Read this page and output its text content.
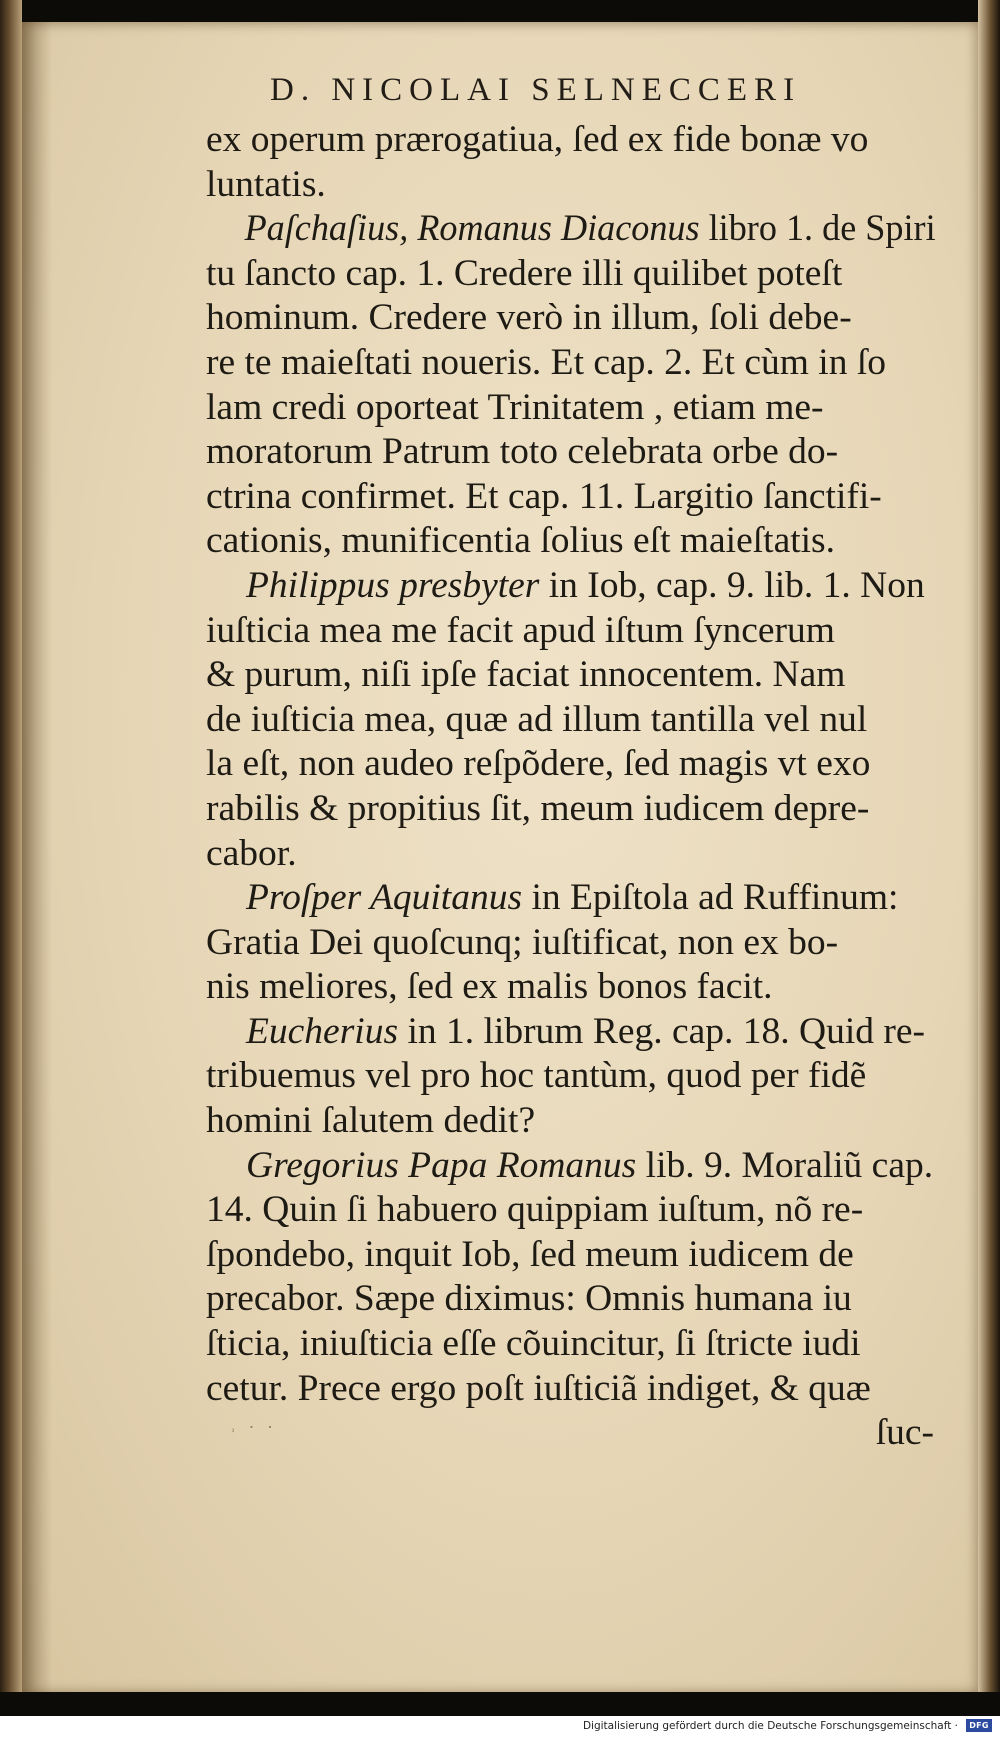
D. NICOLAI SELNECCERI
ex operum prærogatiua, ſed ex fide bonæ vo
luntatis.
Paſchaſius, Romanus Diaconus libro 1. de Spiri
tu ſancto cap. 1. Credere illi quilibet poteſt
hominum. Credere verò in illum, ſoli debe-
re te maieſtati noueris. Et cap. 2. Et cùm in ſo
lam credi oporteat Trinitatem , etiam me-
moratorum Patrum toto celebrata orbe do-
ctrina confirmet. Et cap. 11. Largitio ſanctifi-
cationis, munificentia ſolius eſt maieſtatis.
Philippus presbyter in Iob, cap. 9. lib. 1. Non
iuſticia mea me facit apud iſtum ſyncerum
& purum, niſi ipſe faciat innocentem. Nam
de iuſticia mea, quæ ad illum tantilla vel nul
la eſt, non audeo reſpõdere, ſed magis vt exo
rabilis & propitius ſit, meum iudicem depre-
cabor.
Proſper Aquitanus in Epiſtola ad Ruffinum:
Gratia Dei quoſcunq; iuſtificat, non ex bo-
nis meliores, ſed ex malis bonos facit.
Eucherius in 1. librum Reg. cap. 18. Quid re-
tribuemus vel pro hoc tantùm, quod per fidẽ
homini ſalutem dedit?
Gregorius Papa Romanus lib. 9. Moraliũ cap.
14. Quin ſi habuero quippiam iuſtum, nõ re-
ſpondebo, inquit Iob, ſed meum iudicem de
precabor. Sæpe diximus: Omnis humana iu
ſticia, iniuſticia eſſe cõuincitur, ſi ſtricte iudi
cetur. Prece ergo poſt iuſticiã indiget, & quæ
˒ · ·	ſuc-
Digitalisierung gefördert durch die Deutsche Forschungsgemeinschaft ·	DFG
